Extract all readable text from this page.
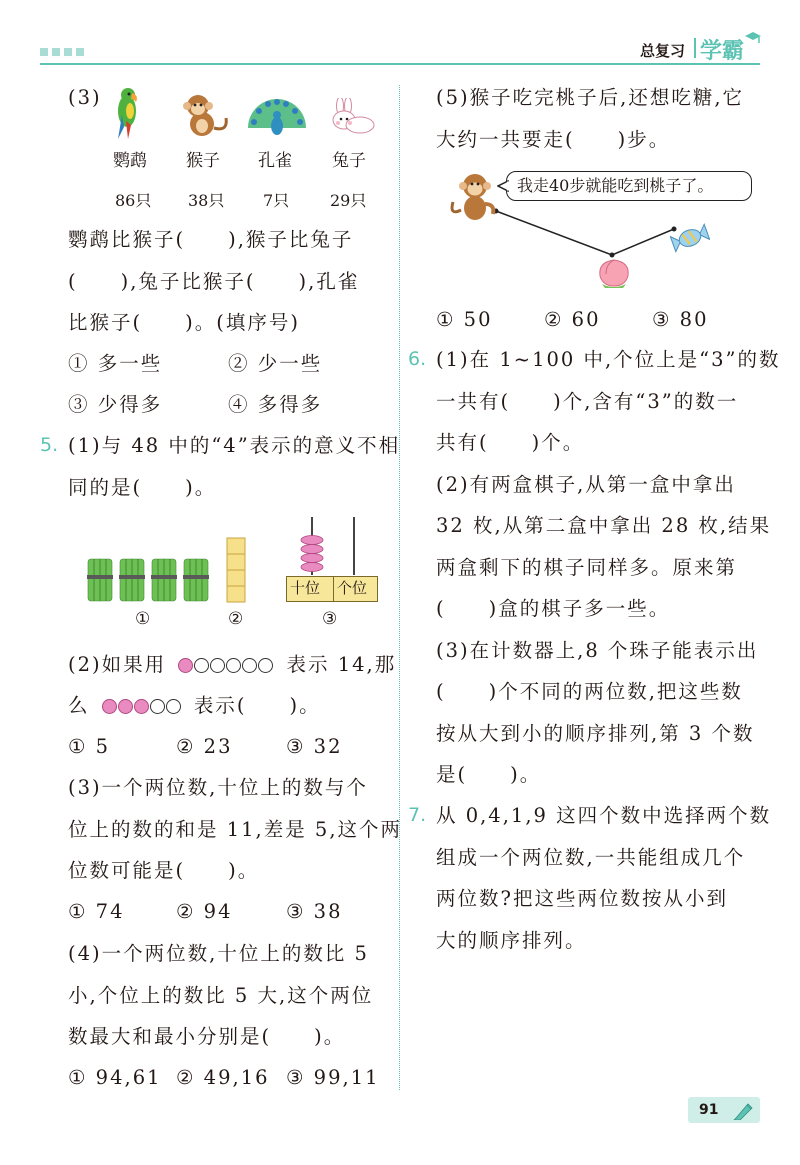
总复习 学霸
(3)
鹦鹉 猴子 孔雀 兔子
86只 38只 7只	29只
鹦鹉比猴子(　　),猴子比兔子
(　　),兔子比猴子(　　),孔雀
比猴子(　　)。(填序号)
① 多一些	② 少一些
③ 少得多	④ 多得多
5. (1)与 48 中的“4”表示的意义不相
同的是(　　)。
十位 个位
①	②	③
(2)如果用	表示 14,那
么	表示(　　)。
① 5	② 23	③ 32
(3)一个两位数,十位上的数与个
位上的数的和是 11,差是 5,这个两
位数可能是(　　)。
① 74	② 94	③ 38
(4)一个两位数,十位上的数比 5
小,个位上的数比 5 大,这个两位
数最大和最小分别是(　　)。
① 94,61 ② 49,16 ③ 99,11
(5)猴子吃完桃子后,还想吃糖,它
大约一共要走(　　)步。
我走40步就能吃到桃子了。
① 50	② 60	③ 80
6. (1)在 1~100 中,个位上是“3”的数
一共有(　　)个,含有“3”的数一
共有(　　)个。
(2)有两盒棋子,从第一盒中拿出
32 枚,从第二盒中拿出 28 枚,结果
两盒剩下的棋子同样多。原来第
(　　)盒的棋子多一些。
(3)在计数器上,8 个珠子能表示出
(　　)个不同的两位数,把这些数
按从大到小的顺序排列,第 3 个数
是(　　)。
7. 从 0,4,1,9 这四个数中选择两个数
组成一个两位数,一共能组成几个
两位数?把这些两位数按从小到
大的顺序排列。
91
